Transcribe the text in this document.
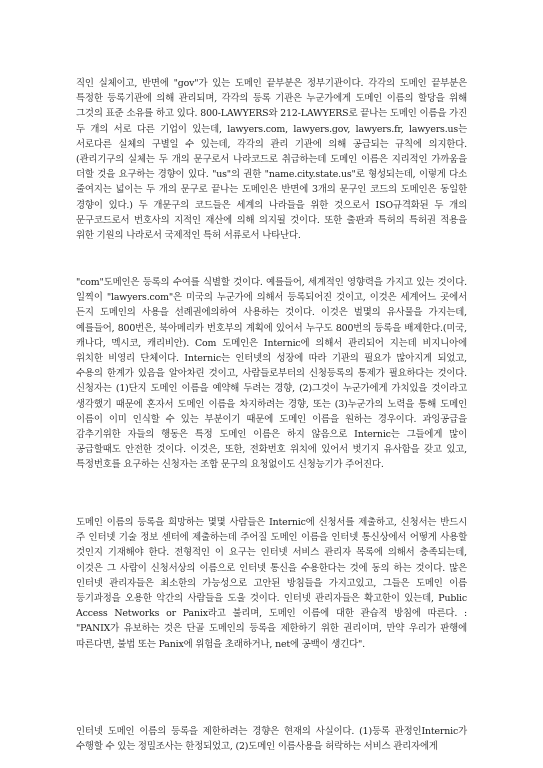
직인 실체이고, 반면에 "gov"가 있는 도메인 끝부분은 정부기관이다. 각각의 도메인 끝부분은 특정한 등록기관에 의해 관리되며, 각각의 등록 기관은 누군가에게 도메인 이름의 할당을 위해 그것의 표준 소유를 하고 있다. 800-LAWYERS와 212-LAWYERS로 끝나는 도메인 이름을 가진 두 개의 서로 다른 기업이 있는데, lawyers.com, lawyers.gov, lawyers.fr, lawyers.us는 서로다른 실체의 구별일 수 있는데, 각각의 관리 기관에 의해 공급되는 규칙에 의지한다. (관리기구의 실체는 두 개의 문구로서 나라코드로 취급하는데 도메인 이름은 지리적인 가까움을 더할 것을 요구하는 경향이 있다. "us"의 권한 "name.city.state.us"로 형성되는데, 이렇게 다소 줄여지는 넓이는 두 개의 문구로 끝나는 도메인은 반면에 3개의 문구인 코드의 도메인은 동일한 경향이 있다.) 두 개문구의 코드들은 세계의 나라들을 위한 것으로서 ISO규격화된 두 개의 문구코드로서 번호사의 지적인 재산에 의해 의지될 것이다. 또한 출판과 특허의 특허권 적용을 위한 기원의 나라로서 국제적인 특허 서류로서 나타난다.

"com"도메인은 등록의 수여를 식별할 것이다. 예를들어, 세계적인 영향력을 가지고 있는 것이다. 일찍이 "lawyers.com"은 미국의 누군가에 의해서 등록되어진 것이고, 이것은 세계어느 곳에서 든지 도메인의 사용을 선례권에의하여 사용하는 것이다. 이것은 벌몇의 유사물을 가지는데, 예를들어, 800번은, 북아메리카 번호부의 계획에 있어서 누구도 800번의 등록을 배제한다.(미국, 캐나다, 멕시코, 캐리비안). Com 도메인은 Internic에 의해서 관리되어 지는데 비지니아에 위치한 비영리 단체이다. Internic는 인터넷의 성장에 따라 기관의 필요가 많아지게 되었고, 수용의 한계가 있음을 알아차린 것이고, 사람들로부터의 신청등록의 통제가 필요하다는 것이다. 신청자는 (1)단지 도메인 이름을 예약해 두려는 경향, (2)그것이 누군가에게 가치있을 것이라고 생각했기 때문에 혼자서 도메인 이름을 차지하려는 경향, 또는 (3)누군가의 노력을 통해 도메인 이름이 이미 인식할 수 있는 부분이기 때문에 도메인 이름을 원하는 경우이다. 과잉공급을 감추기위한 자들의 행동은 특정 도메인 이름은 하지 않음으로 Internic는 그들에게 많이 공급할때도 안전한 것이다. 이것은, 또한, 전화번호 위치에 있어서 벗기지 유사함을 갖고 있고, 특정번호를 요구하는 신청자는 조합 문구의 요청없이도 신청능기가 주어진다.

도메인 이름의 등록을 희망하는 몇몇 사람들은 Internic에 신청서를 제출하고, 신청서는 반드시 주 인터넷 기술 정보 센터에 제출하는데 주어질 도메인 이름을 인터넷 통신상에서 어떻게 사용할 것인지 기재해야 한다. 전형적인 이 요구는 인터넷 서비스 관리자 목록에 의해서 충족되는데, 이것은 그 사람이 신청서상의 이름으로 인터넷 통신을 수용한다는 것에 동의 하는 것이다. 많은 인터넷 관리자들은 최소한의 가능성으로 고안된 방침들을 가지고있고, 그들은 도메인 이름 등기과정을 오용한 악간의 사람들을 도울 것이다. 인터넷 관리자들은 확고한이 있는데, Public Access Networks or Panix라고 불리며, 도메인 이름에 대한 관습적 방침에 따른다. : "PANIX가 유보하는 것은 단골 도메인의 등록을 제한하기 위한 권리이며, 만약 우리가 판행에 따른다면, 불법 또는 Panix에 위험을 초래하거나, net에 공백이 생긴다".

인터넷 도메인 이름의 등록을 제한하려는 경향은 현재의 사실이다. (1)등록 관정인Internic가 수행할 수 있는 정밀조사는 한정되었고, (2)도메인 이름사용을 허락하는 서비스 관리자에게
